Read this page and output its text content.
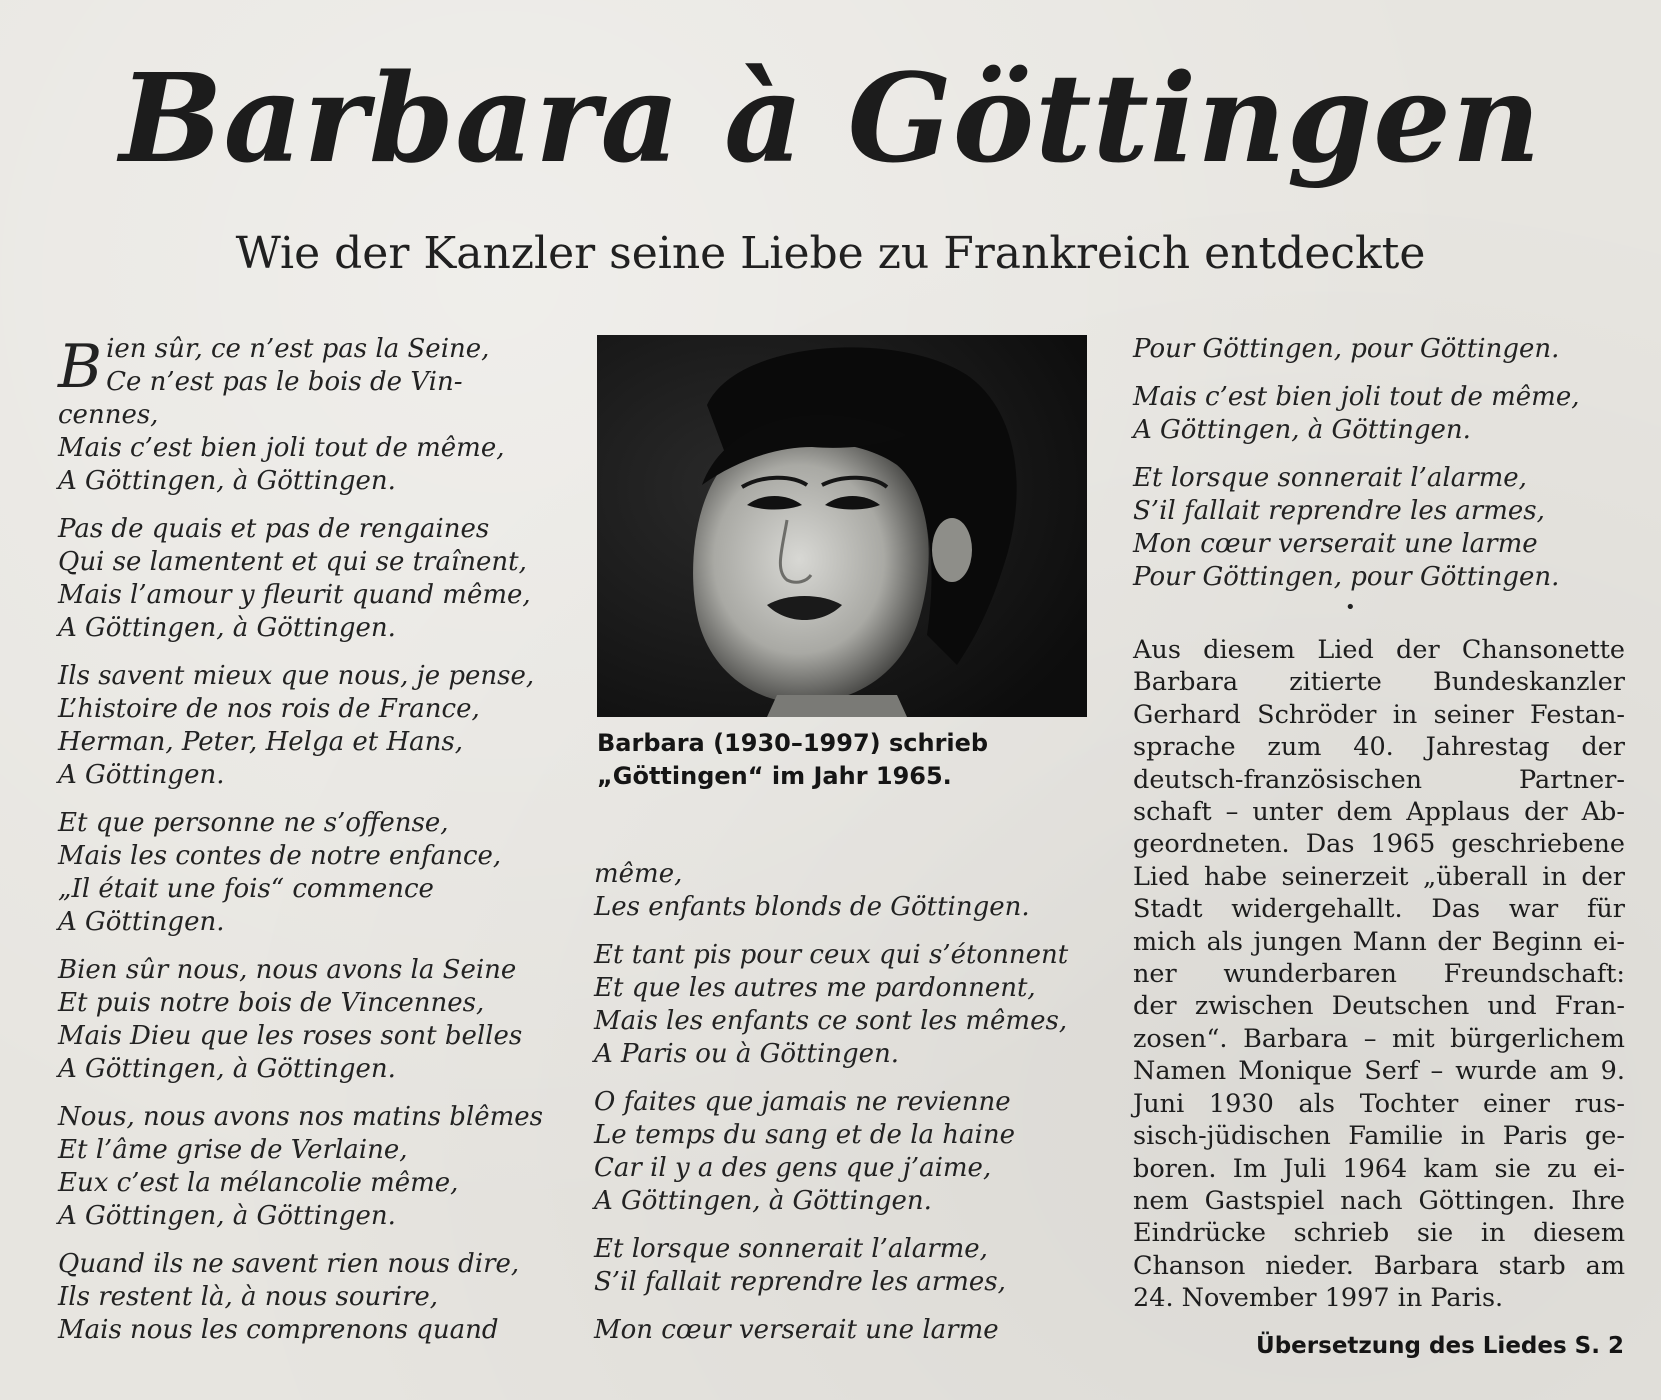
Barbara à Göttingen
Wie der Kanzler seine Liebe zu Frankreich entdeckte
B ien sûr, ce n’est pas la Seine,
Ce n’est pas le bois de Vin-
cennes,
Mais c’est bien joli tout de même,
A Göttingen, à Göttingen.
Pas de quais et pas de rengaines
Qui se lamentent et qui se traînent,
Mais l’amour y fleurit quand même,
A Göttingen, à Göttingen.
Ils savent mieux que nous, je pense,
L’histoire de nos rois de France,
Herman, Peter, Helga et Hans,
A Göttingen.
Et que personne ne s’offense,
Mais les contes de notre enfance,
„Il était une fois“ commence
A Göttingen.
Bien sûr nous, nous avons la Seine
Et puis notre bois de Vincennes,
Mais Dieu que les roses sont belles
A Göttingen, à Göttingen.
Nous, nous avons nos matins blêmes
Et l’âme grise de Verlaine,
Eux c’est la mélancolie même,
A Göttingen, à Göttingen.
Quand ils ne savent rien nous dire,
Ils restent là, à nous sourire,
Mais nous les comprenons quand
Barbara (1930–1997) schrieb
„Göttingen“ im Jahr 1965.
même,
Les enfants blonds de Göttingen.
Et tant pis pour ceux qui s’étonnent
Et que les autres me pardonnent,
Mais les enfants ce sont les mêmes,
A Paris ou à Göttingen.
O faites que jamais ne revienne
Le temps du sang et de la haine
Car il y a des gens que j’aime,
A Göttingen, à Göttingen.
Et lorsque sonnerait l’alarme,
S’il fallait reprendre les armes,
Mon cœur verserait une larme
Pour Göttingen, pour Göttingen.
Mais c’est bien joli tout de même,
A Göttingen, à Göttingen.
Et lorsque sonnerait l’alarme,
S’il fallait reprendre les armes,
Mon cœur verserait une larme
Pour Göttingen, pour Göttingen.
•
Aus diesem Lied der Chansonette
Barbara zitierte Bundeskanzler
Gerhard Schröder in seiner Festan-
sprache zum 40. Jahrestag der
deutsch-französischen Partner-
schaft – unter dem Applaus der Ab-
geordneten. Das 1965 geschriebene
Lied habe seinerzeit „überall in der
Stadt widergehallt. Das war für
mich als jungen Mann der Beginn ei-
ner wunderbaren Freundschaft:
der zwischen Deutschen und Fran-
zosen“. Barbara – mit bürgerlichem
Namen Monique Serf – wurde am 9.
Juni 1930 als Tochter einer rus-
sisch-jüdischen Familie in Paris ge-
boren. Im Juli 1964 kam sie zu ei-
nem Gastspiel nach Göttingen. Ihre
Eindrücke schrieb sie in diesem
Chanson nieder. Barbara starb am
24. November 1997 in Paris.
Übersetzung des Liedes S. 2
